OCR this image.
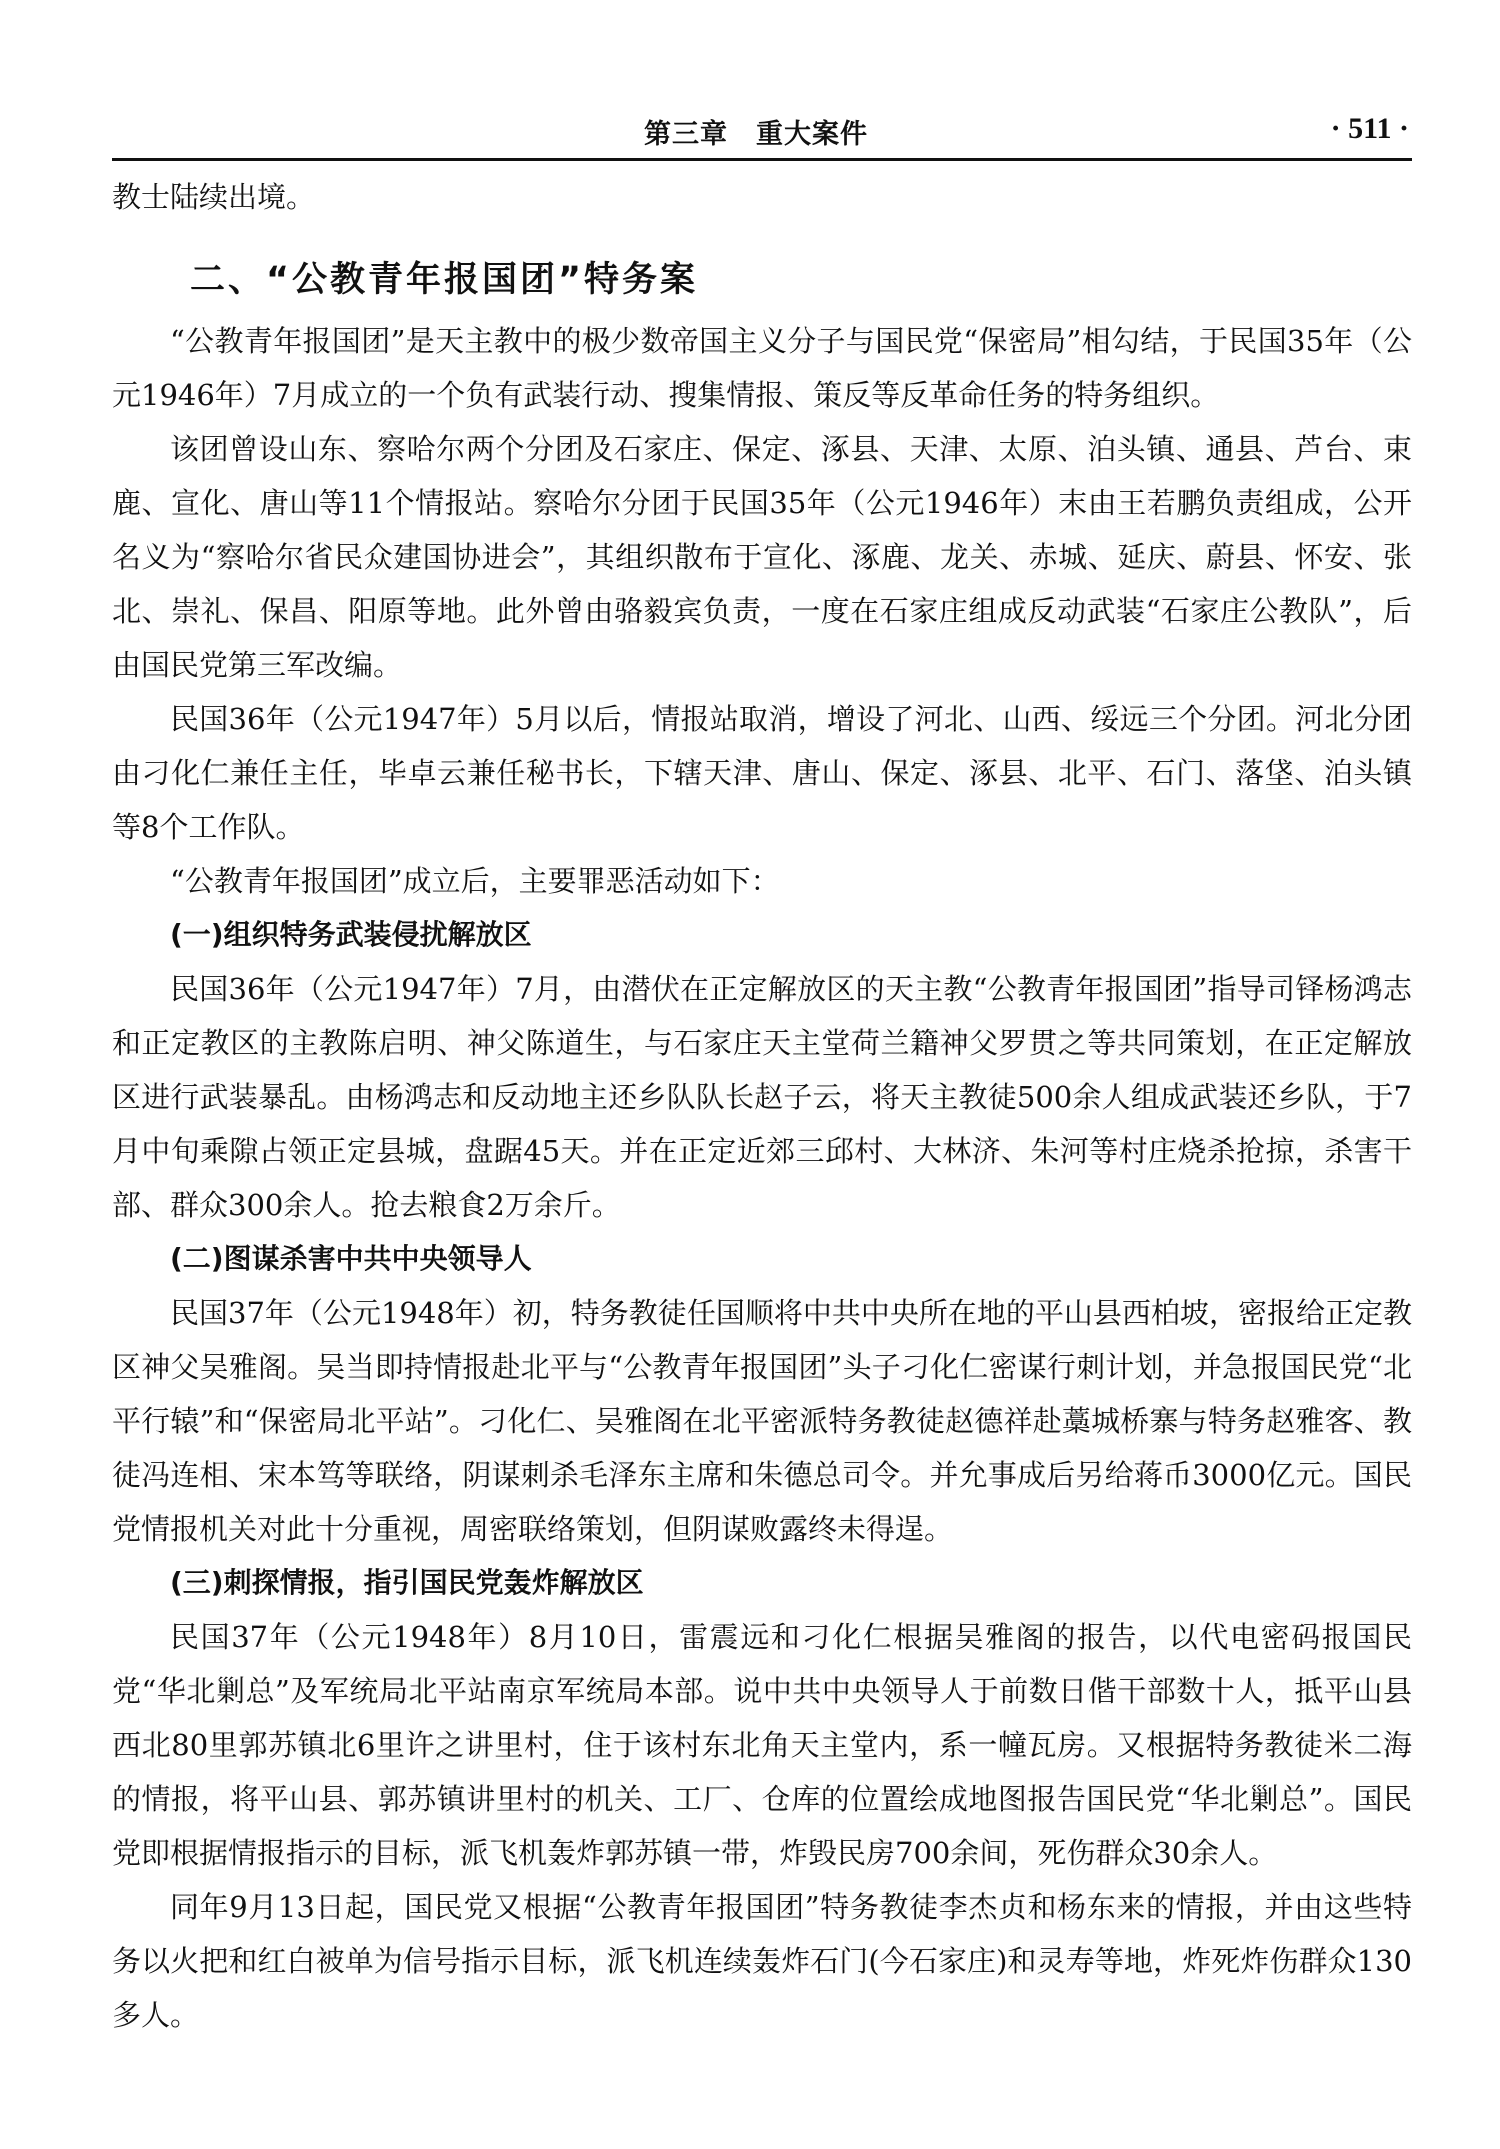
第三章　重大案件	· 511 ·

教士陆续出境。

二、“公教青年报国团”特务案

“公教青年报国团”是天主教中的极少数帝国主义分子与国民党“保密局”相勾结，于民国35年（公元1946年）7月成立的一个负有武装行动、搜集情报、策反等反革命任务的特务组织。

该团曾设山东、察哈尔两个分团及石家庄、保定、涿县、天津、太原、泊头镇、通县、芦台、束鹿、宣化、唐山等11个情报站。察哈尔分团于民国35年（公元1946年）末由王若鹏负责组成，公开名义为“察哈尔省民众建国协进会”，其组织散布于宣化、涿鹿、龙关、赤城、延庆、蔚县、怀安、张北、崇礼、保昌、阳原等地。此外曾由骆毅宾负责，一度在石家庄组成反动武装“石家庄公教队”，后由国民党第三军改编。

民国36年（公元1947年）5月以后，情报站取消，增设了河北、山西、绥远三个分团。河北分团由刁化仁兼任主任，毕卓云兼任秘书长，下辖天津、唐山、保定、涿县、北平、石门、落垡、泊头镇等8个工作队。

“公教青年报国团”成立后，主要罪恶活动如下：

(一)组织特务武装侵扰解放区

民国36年（公元1947年）7月，由潜伏在正定解放区的天主教“公教青年报国团”指导司铎杨鸿志和正定教区的主教陈启明、神父陈道生，与石家庄天主堂荷兰籍神父罗贯之等共同策划，在正定解放区进行武装暴乱。由杨鸿志和反动地主还乡队队长赵子云，将天主教徒500余人组成武装还乡队，于7月中旬乘隙占领正定县城，盘踞45天。并在正定近郊三邱村、大林济、朱河等村庄烧杀抢掠，杀害干部、群众300余人。抢去粮食2万余斤。

(二)图谋杀害中共中央领导人

民国37年（公元1948年）初，特务教徒任国顺将中共中央所在地的平山县西柏坡，密报给正定教区神父吴雅阁。吴当即持情报赴北平与“公教青年报国团”头子刁化仁密谋行刺计划，并急报国民党“北平行辕”和“保密局北平站”。刁化仁、吴雅阁在北平密派特务教徒赵德祥赴藁城桥寨与特务赵雅客、教徒冯连相、宋本笃等联络，阴谋刺杀毛泽东主席和朱德总司令。并允事成后另给蒋币3000亿元。国民党情报机关对此十分重视，周密联络策划，但阴谋败露终未得逞。

(三)刺探情报，指引国民党轰炸解放区

民国37年（公元1948年）8月10日，雷震远和刁化仁根据吴雅阁的报告，以代电密码报国民党“华北剿总”及军统局北平站南京军统局本部。说中共中央领导人于前数日偕干部数十人，抵平山县西北80里郭苏镇北6里许之讲里村，住于该村东北角天主堂内，系一幢瓦房。又根据特务教徒米二海的情报，将平山县、郭苏镇讲里村的机关、工厂、仓库的位置绘成地图报告国民党“华北剿总”。国民党即根据情报指示的目标，派飞机轰炸郭苏镇一带，炸毁民房700余间，死伤群众30余人。

同年9月13日起，国民党又根据“公教青年报国团”特务教徒李杰贞和杨东来的情报，并由这些特务以火把和红白被单为信号指示目标，派飞机连续轰炸石门(今石家庄)和灵寿等地，炸死炸伤群众130多人。
